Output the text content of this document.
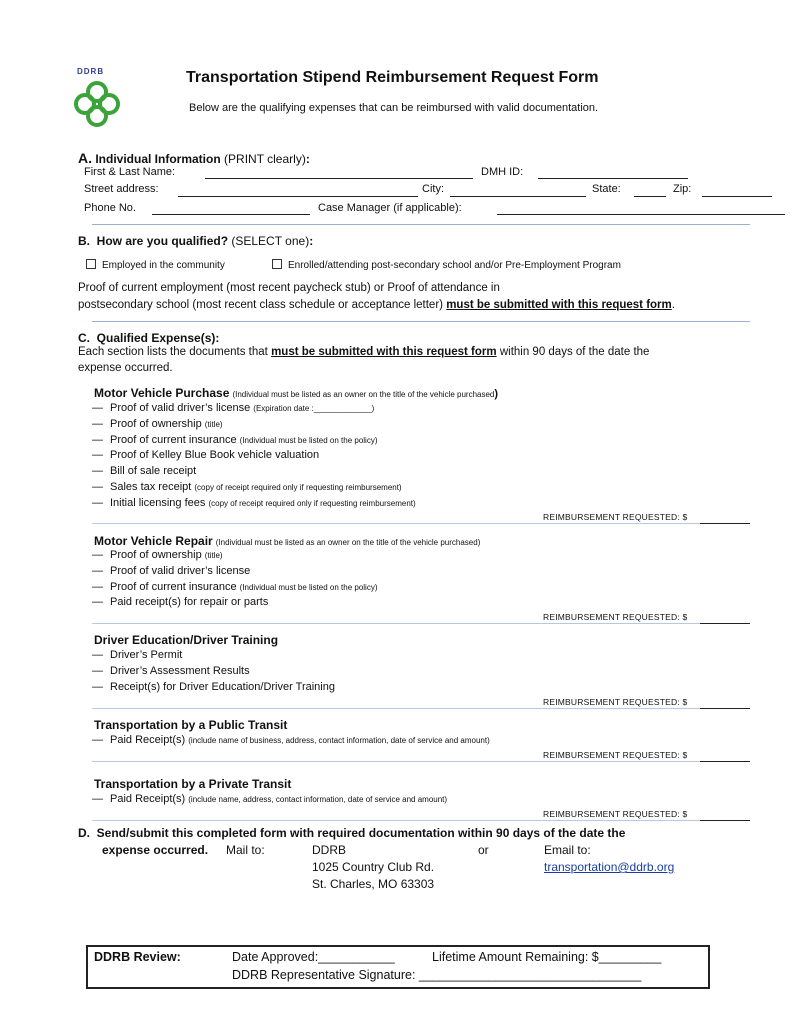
DDRB	Transportation Stipend Reimbursement Request Form
Below are the qualifying expenses that can be reimbursed with valid documentation.
A. Individual Information (PRINT clearly):
First & Last Name:	DMH ID:
Street address:	City:	State:	Zip:
Phone No.	Case Manager (if applicable):
B. How are you qualified? (SELECT one):
Employed in the community	Enrolled/attending post-secondary school and/or Pre-Employment Program
Proof of current employment (most recent paycheck stub) or Proof of attendance in
postsecondary school (most recent class schedule or acceptance letter) must be submitted with this request form.
C. Qualified Expense(s):
Each section lists the documents that must be submitted with this request form within 90 days of the date the
expense occurred.
Motor Vehicle Purchase (Individual must be listed as an owner on the title of the vehicle purchased)
— Proof of valid driver’s license (Expiration date :_____________)
— Proof of ownership (title)
— Proof of current insurance (Individual must be listed on the policy)
— Proof of Kelley Blue Book vehicle valuation
— Bill of sale receipt
— Sales tax receipt (copy of receipt required only if requesting reimbursement)
— Initial licensing fees (copy of receipt required only if requesting reimbursement)
REIMBURSEMENT REQUESTED: $
Motor Vehicle Repair (Individual must be listed as an owner on the title of the vehicle purchased)
— Proof of ownership (title)
— Proof of valid driver’s license
— Proof of current insurance (Individual must be listed on the policy)
— Paid receipt(s) for repair or parts
REIMBURSEMENT REQUESTED: $
Driver Education/Driver Training
— Driver’s Permit
— Driver’s Assessment Results
— Receipt(s) for Driver Education/Driver Training
REIMBURSEMENT REQUESTED: $
Transportation by a Public Transit
— Paid Receipt(s) (include name of business, address, contact information, date of service and amount)
REIMBURSEMENT REQUESTED: $
Transportation by a Private Transit
— Paid Receipt(s) (include name, address, contact information, date of service and amount)
REIMBURSEMENT REQUESTED: $
D. Send/submit this completed form with required documentation within 90 days of the date the
expense occurred. Mail to:	DDRB
1025 Country Club Rd.
St. Charles, MO 63303
or	Email to:
transportation@ddrb.org
DDRB Review:	Date Approved:___________	Lifetime Amount Remaining: $_________
DDRB Representative Signature: ________________________________
